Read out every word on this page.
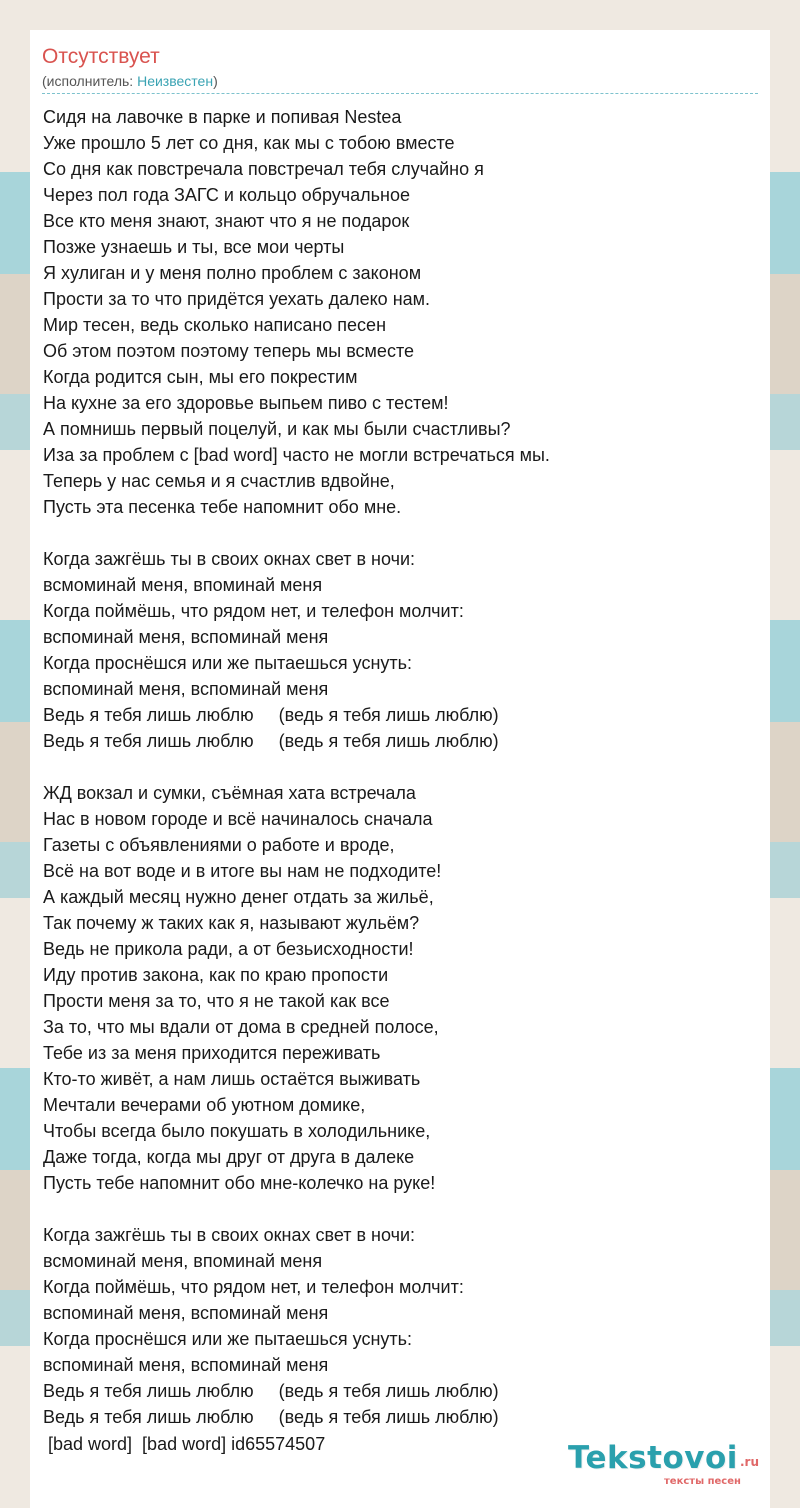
Отсутствует
(исполнитель: Неизвестен)
Сидя на лавочке в парке и попивая Nestea
Уже прошло 5 лет со дня, как мы с тобою вместе
Со дня как повстречала повстречал тебя случайно я
Через пол года ЗАГС и кольцо обручальное
Все кто меня знают, знают что я не подарок
Позже узнаешь и ты, все мои черты
Я хулиган и у меня полно проблем с законом
Прости за то что придётся уехать далеко нам.
Мир тесен, ведь сколько написано песен
Об этом поэтом поэтому теперь мы всместе
Когда родится сын, мы его покрестим
На кухне за его здоровье выпьем пиво с тестем!
А помнишь первый поцелуй, и как мы были счастливы?
Иза за проблем с [bad word] часто не могли встречаться мы.
Теперь у нас семья и я счастлив вдвойне,
Пусть эта песенка тебе напомнит обо мне.
Когда зажгёшь ты в своих окнах свет в ночи:
всмоминай меня, впоминай меня
Когда поймёшь, что рядом нет, и телефон молчит:
вспоминай меня, вспоминай меня
Когда проснёшся или же пытаешься уснуть:
вспоминай меня, вспоминай меня
Ведь я тебя лишь люблю     (ведь я тебя лишь люблю)
Ведь я тебя лишь люблю     (ведь я тебя лишь люблю)
ЖД вокзал и сумки, съёмная хата встречала
Нас в новом городе и всё начиналось сначала
Газеты с объявлениями о работе и вроде,
Всё на вот воде и в итоге вы нам не подходите!
А каждый месяц нужно денег отдать за жильё,
Так почему ж таких как я, называют жульём?
Ведь не прикола ради, а от безьисходности!
Иду против закона, как по краю пропости
Прости меня за то, что я не такой как все
За то, что мы вдали от дома в средней полосе,
Тебе из за меня приходится переживать
Кто-то живёт, а нам лишь остаётся выживать
Мечтали вечерами об уютном домике,
Чтобы всегда было покушать в холодильнике,
Даже тогда, когда мы друг от друга в далеке
Пусть тебе напомнит обо мне-колечко на руке!
Когда зажгёшь ты в своих окнах свет в ночи:
всмоминай меня, впоминай меня
Когда поймёшь, что рядом нет, и телефон молчит:
вспоминай меня, вспоминай меня
Когда проснёшся или же пытаешься уснуть:
вспоминай меня, вспоминай меня
Ведь я тебя лишь люблю     (ведь я тебя лишь люблю)
Ведь я тебя лишь люблю     (ведь я тебя лишь люблю)
[bad word]  [bad word] id65574507	Tekstovoi .ru
тексты песен
